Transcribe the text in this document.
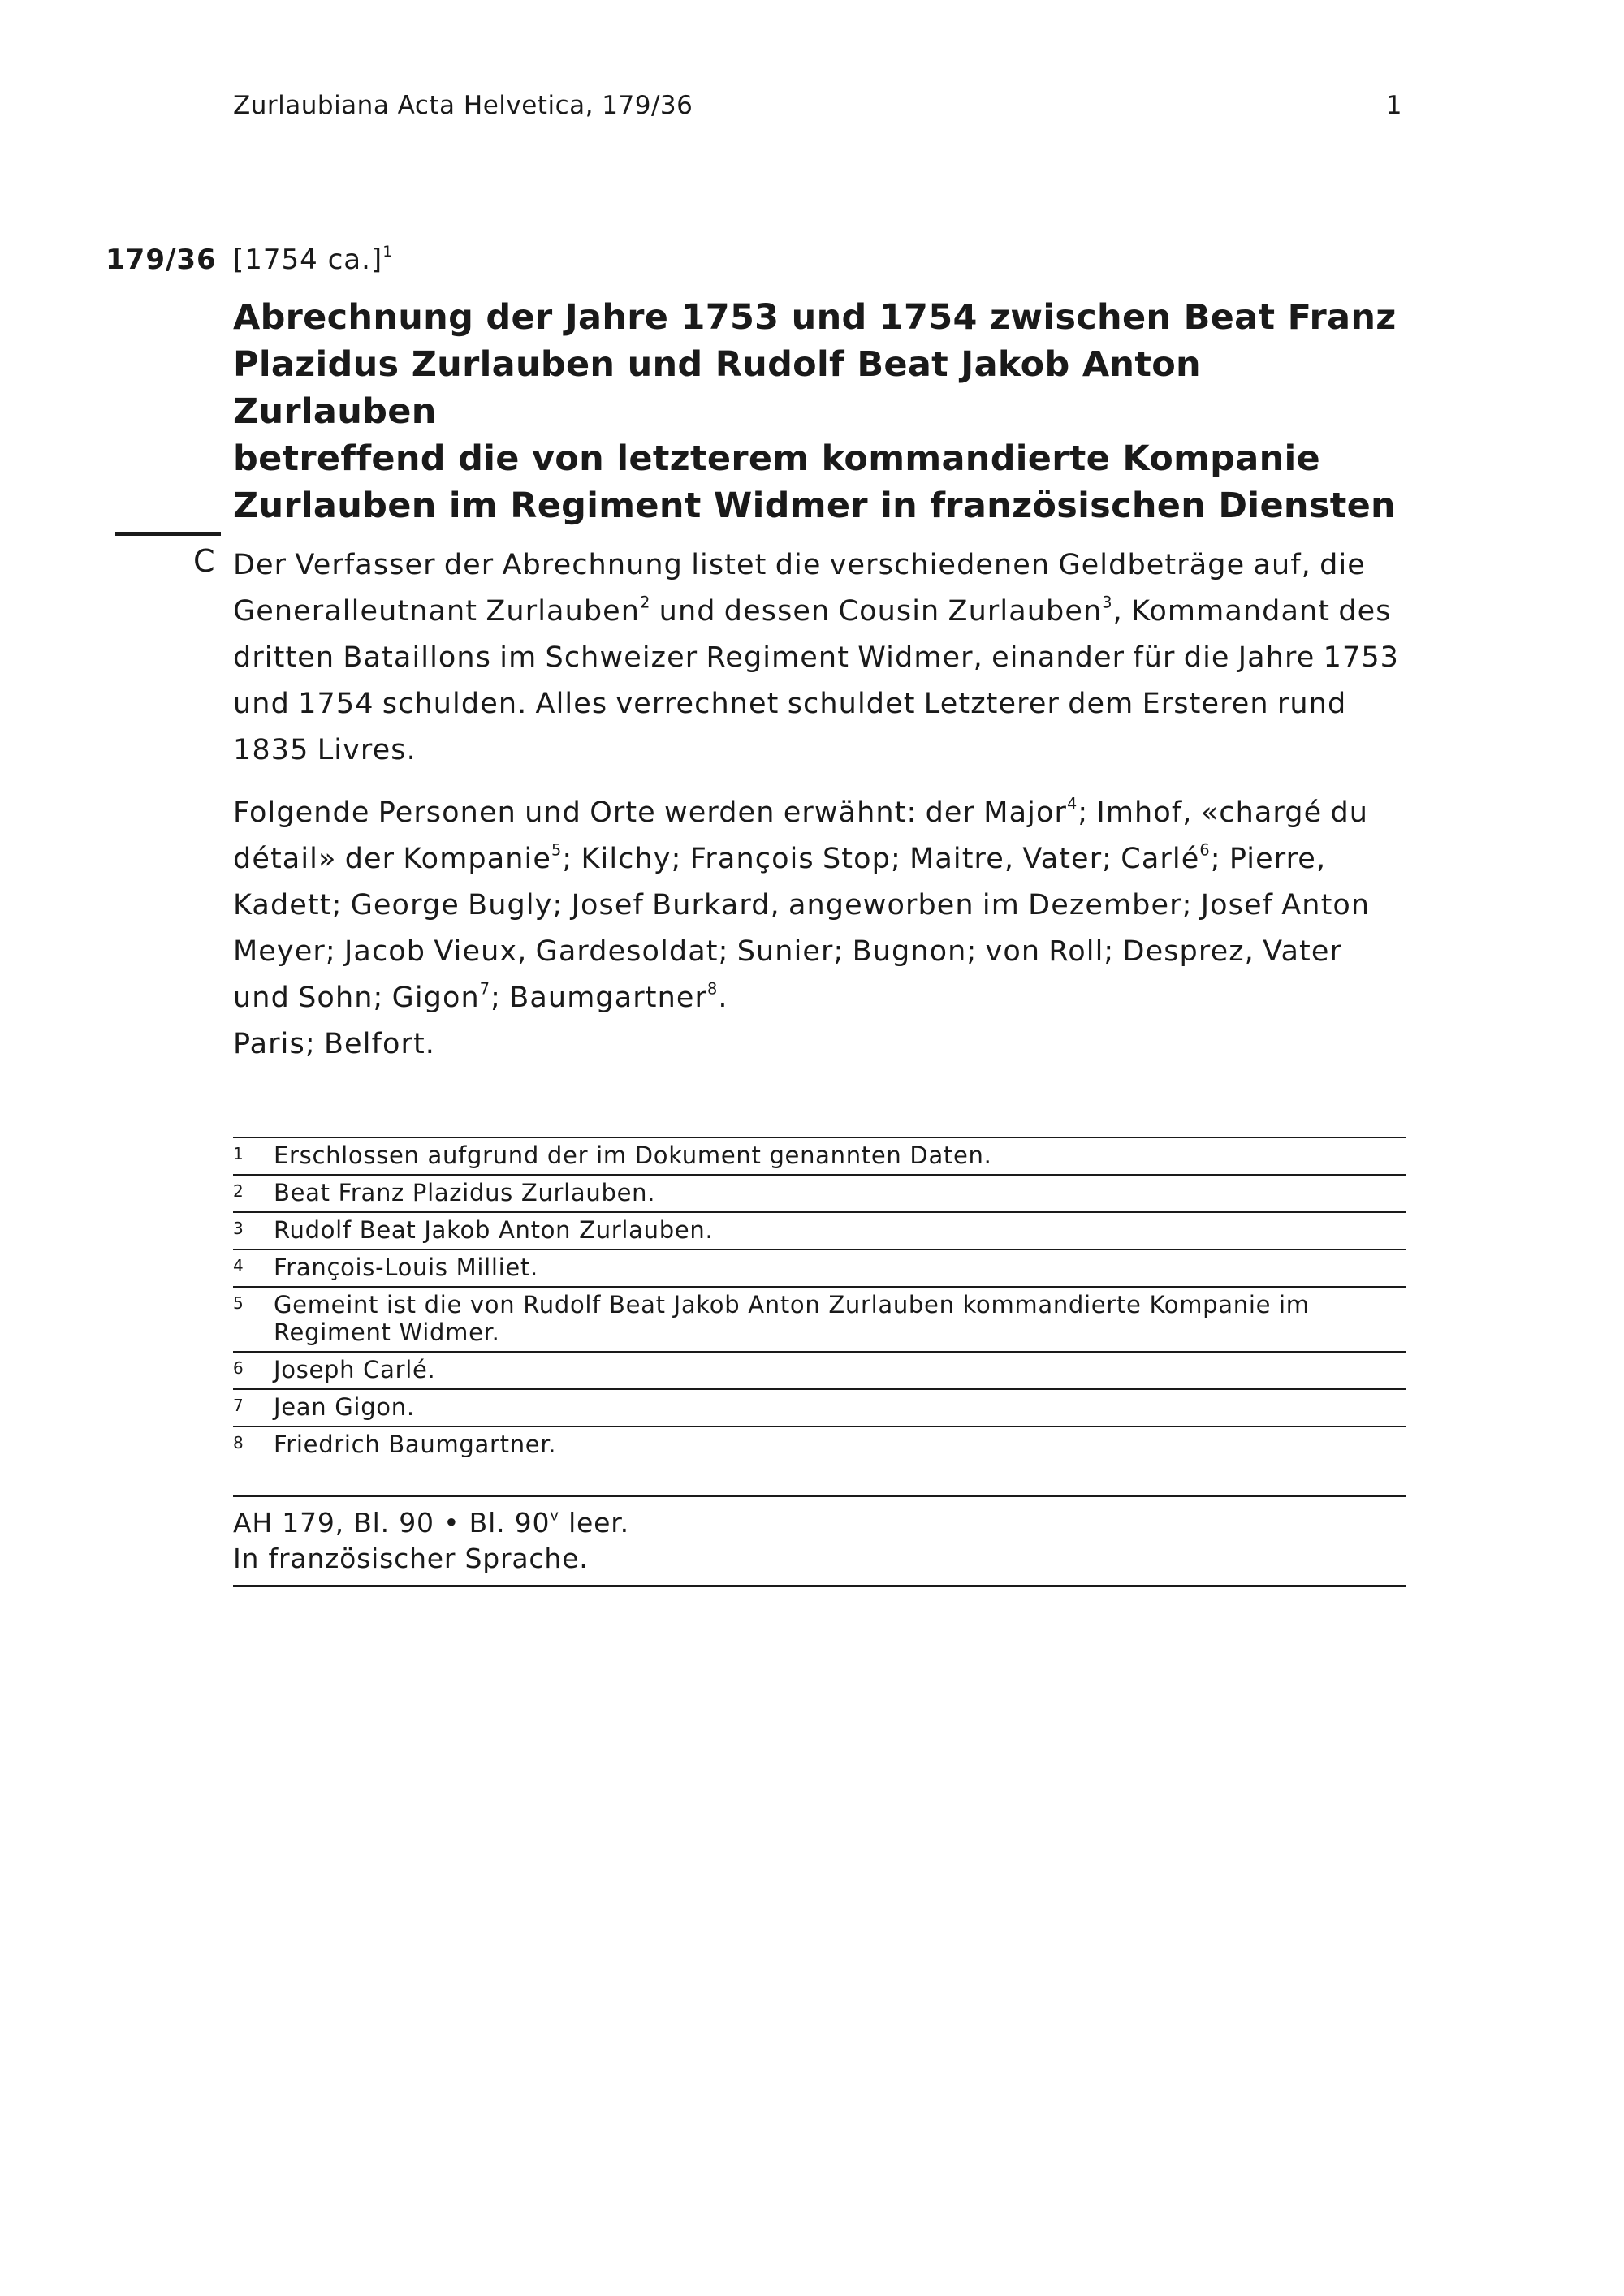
Zurlaubiana Acta Helvetica, 179/36	1
179/36 [1754 ca.]$^1$
Abrechnung der Jahre 1753 und 1754 zwischen Beat Franz
Plazidus Zurlauben und Rudolf Beat Jakob Anton Zurlauben
betreffend die von letzterem kommandierte Kompanie
Zurlauben im Regiment Widmer in französischen Diensten
C Der Verfasser der Abrechnung listet die verschiedenen Geldbeträge auf, die Generalleutnant Zurlauben$^2$ und dessen Cousin Zurlauben$^3$, Kommandant des dritten Bataillons im Schweizer Regiment Widmer, einander für die Jahre 1753 und 1754 schulden. Alles verrechnet schuldet Letzterer dem Ersteren rund 1835 Livres.

Folgende Personen und Orte werden erwähnt: der Major$^4$; Imhof, «chargé du détail» der Kompanie$^5$; Kilchy; François Stop; Maitre, Vater; Carlé$^6$; Pierre, Kadett; George Bugly; Josef Burkard, angeworben im Dezember; Josef Anton Meyer; Jacob Vieux, Gardesoldat; Sunier; Bugnon; von Roll; Desprez, Vater und Sohn; Gigon$^7$; Baumgartner$^8$.
Paris; Belfort.

1 Erschlossen aufgrund der im Dokument genannten Daten.
2 Beat Franz Plazidus Zurlauben.
3 Rudolf Beat Jakob Anton Zurlauben.
4 François-Louis Milliet.
5 Gemeint ist die von Rudolf Beat Jakob Anton Zurlauben kommandierte Kompanie im Regiment Widmer.
6 Joseph Carlé.
7 Jean Gigon.
8 Friedrich Baumgartner.
AH 179, Bl. 90 • Bl. 90$^v$ leer.
In französischer Sprache.
